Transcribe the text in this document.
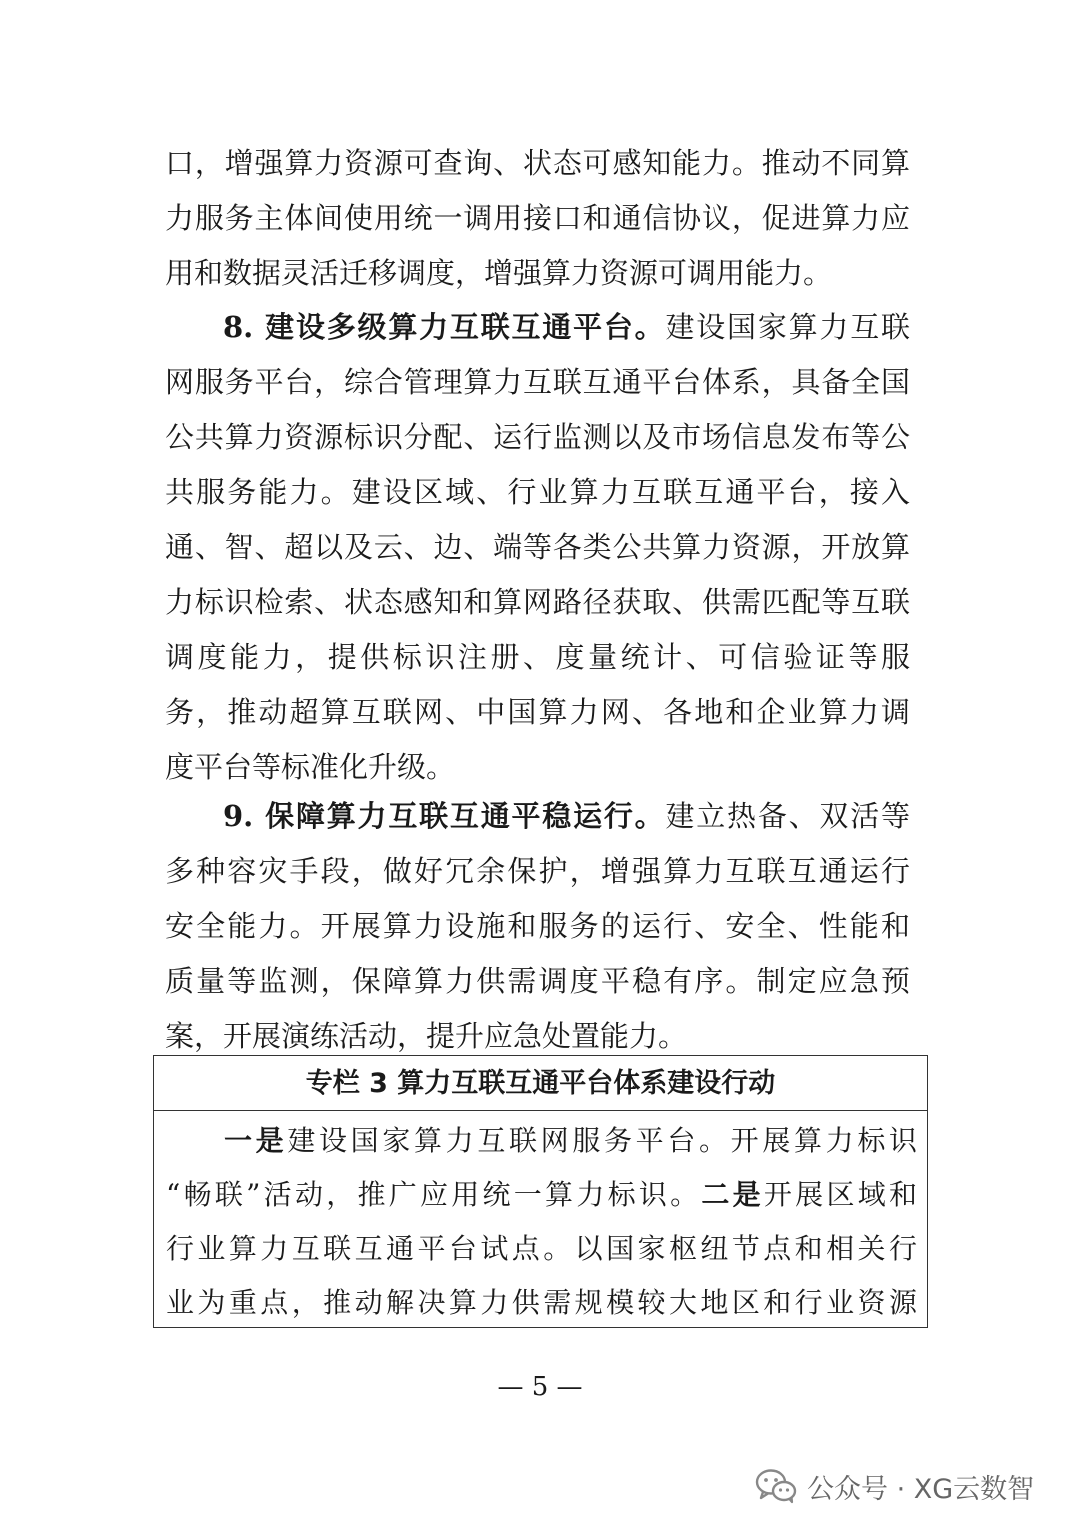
口，增强算力资源可查询、状态可感知能力。推动不同算
力服务主体间使用统一调用接口和通信协议，促进算力应
用和数据灵活迁移调度，增强算力资源可调用能力。
8. 建设多级算力互联互通平台。建设国家算力互联
网服务平台，综合管理算力互联互通平台体系，具备全国
公共算力资源标识分配、运行监测以及市场信息发布等公
共服务能力。建设区域、行业算力互联互通平台，接入
通、智、超以及云、边、端等各类公共算力资源，开放算
力标识检索、状态感知和算网路径获取、供需匹配等互联
调度能力，提供标识注册、度量统计、可信验证等服
务，推动超算互联网、中国算力网、各地和企业算力调
度平台等标准化升级。
9. 保障算力互联互通平稳运行。建立热备、双活等
多种容灾手段，做好冗余保护，增强算力互联互通运行
安全能力。开展算力设施和服务的运行、安全、性能和
质量等监测，保障算力供需调度平稳有序。制定应急预
案，开展演练活动，提升应急处置能力。
专栏 3 算力互联互通平台体系建设行动
一是建设国家算力互联网服务平台。开展算力标识
“畅联”活动，推广应用统一算力标识。二是开展区域和
行业算力互联互通平台试点。以国家枢纽节点和相关行
业为重点，推动解决算力供需规模较大地区和行业资源
— 5 —
公众号 · XG云数智
